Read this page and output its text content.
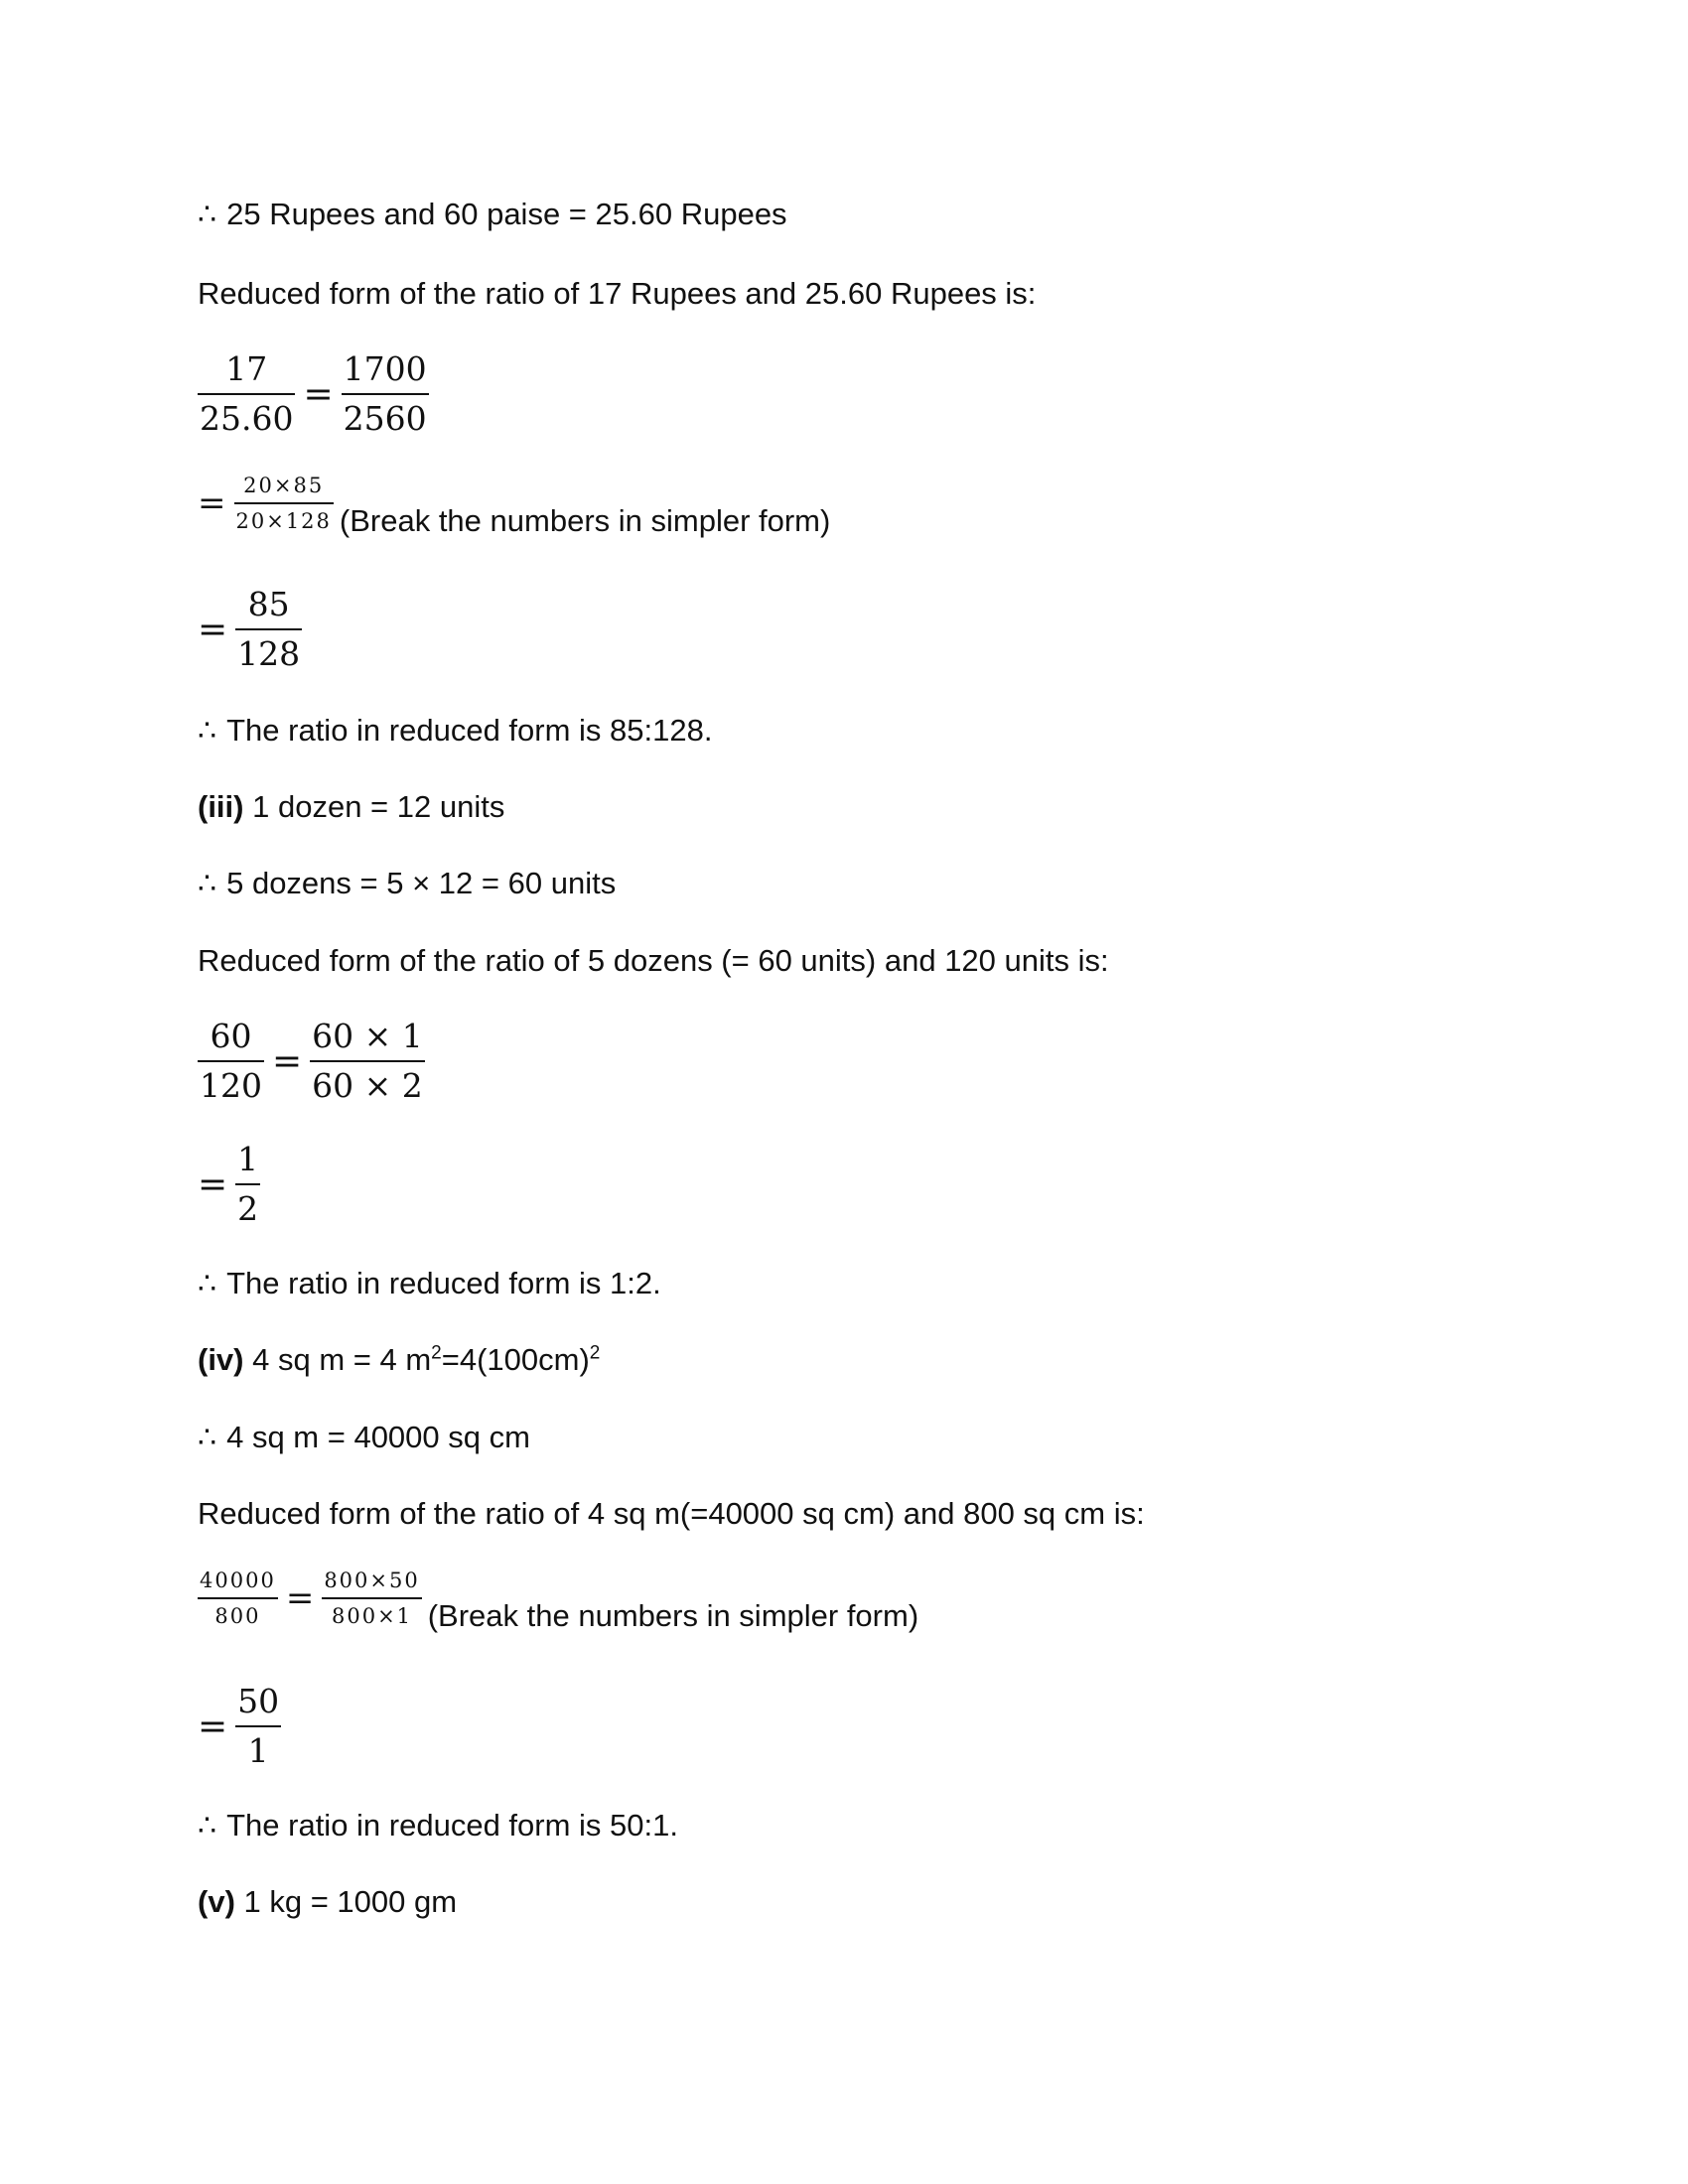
∴ 25 Rupees and 60 paise = 25.60 Rupees
Reduced form of the ratio of 17 Rupees and 25.60 Rupees is:
$\frac{17}{25.60} = \frac{1700}{2560}$
= $\frac{20\times 85}{20\times 128}$ (Break the numbers in simpler form)
= $\frac{85}{128}$
∴ The ratio in reduced form is 85:128.
(iii) 1 dozen = 12 units
∴ 5 dozens = 5 × 12 = 60 units
Reduced form of the ratio of 5 dozens (= 60 units) and 120 units is:
$\frac{60}{120} = \frac{60 \times 1}{60 \times 2}$
= $\frac{1}{2}$
∴ The ratio in reduced form is 1:2.
(iv) 4 sq m = 4 $m^2=4(100cm)^2$
∴ 4 sq m = 40000 sq cm
Reduced form of the ratio of 4 sq m(=40000 sq cm) and 800 sq cm is:
$\frac{40000}{800} = \frac{800\times 50}{800\times 1}$ (Break the numbers in simpler form)
= $\frac{50}{1}$
∴ The ratio in reduced form is 50:1.
(v) 1 kg = 1000 gm
